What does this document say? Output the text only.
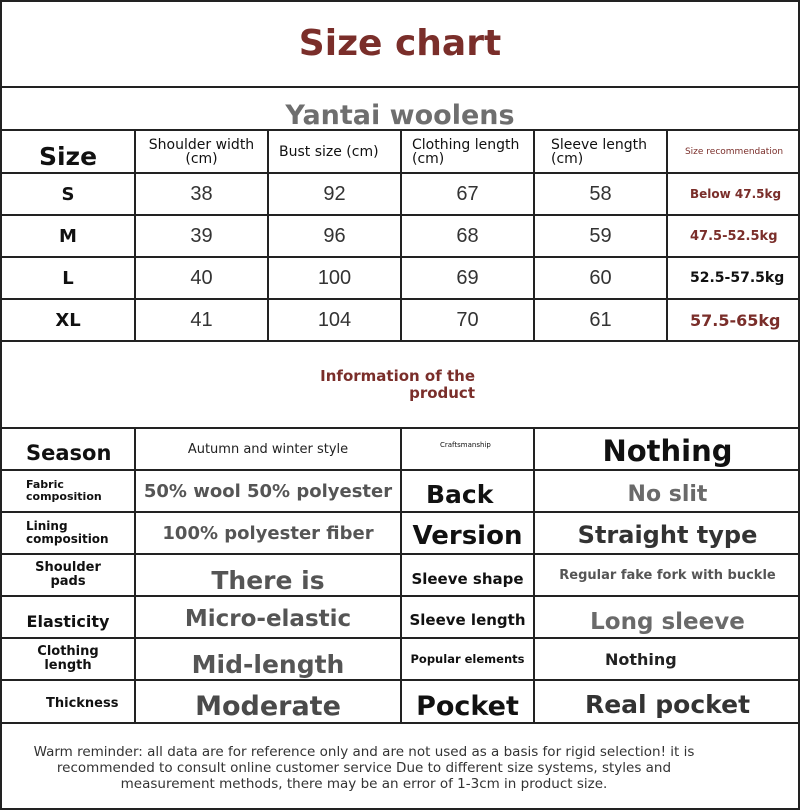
Size chart
Yantai woolens
Size	Shoulder width (cm)	Bust size (cm)	Clothing length (cm)	Sleeve length (cm)	Size recommendation
S	38	92	67	58	Below 47.5kg
M	39	96	68	59	47.5-52.5kg
L	40	100	69	60	52.5-57.5kg
XL	41	104	70	61	57.5-65kg
Information of the product
Season	Autumn and winter style	Craftsmanship	Nothing
Fabric composition	50% wool 50% polyester	Back	No slit
Lining composition	100% polyester fiber	Version	Straight type
Shoulder pads	There is	Sleeve shape	Regular fake fork with buckle
Elasticity	Micro-elastic	Sleeve length	Long sleeve
Clothing length	Mid-length	Popular elements	Nothing
Thickness	Moderate	Pocket	Real pocket

Warm reminder: all data are for reference only and are not used as a basis for rigid selection! it is recommended to consult online customer service Due to different size systems, styles and measurement methods, there may be an error of 1-3cm in product size.
